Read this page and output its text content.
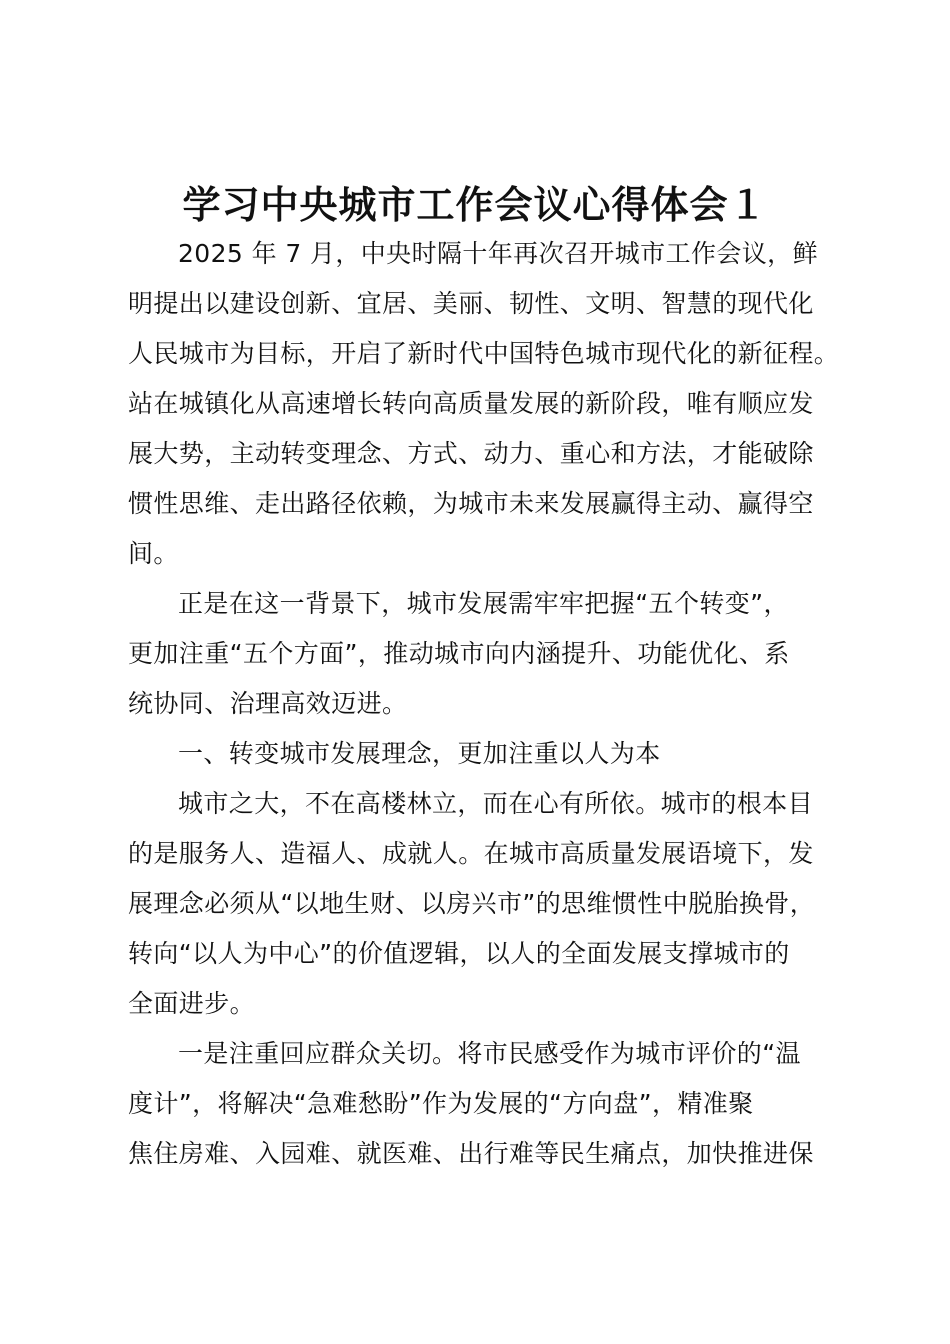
学习中央城市工作会议心得体会１
2025 年 7 月，中央时隔十年再次召开城市工作会议，鲜
明提出以建设创新、宜居、美丽、韧性、文明、智慧的现代化
人民城市为目标，开启了新时代中国特色城市现代化的新征程。
站在城镇化从高速增长转向高质量发展的新阶段，唯有顺应发
展大势，主动转变理念、方式、动力、重心和方法，才能破除
惯性思维、走出路径依赖，为城市未来发展赢得主动、赢得空
间。
正是在这一背景下，城市发展需牢牢把握“五个转变”，
更加注重“五个方面”，推动城市向内涵提升、功能优化、系
统协同、治理高效迈进。
一、转变城市发展理念，更加注重以人为本
城市之大，不在高楼林立，而在心有所依。城市的根本目
的是服务人、造福人、成就人。在城市高质量发展语境下，发
展理念必须从“以地生财、以房兴市”的思维惯性中脱胎换骨，
转向“以人为中心”的价值逻辑，以人的全面发展支撑城市的
全面进步。
一是注重回应群众关切。将市民感受作为城市评价的“温
度计”，将解决“急难愁盼”作为发展的“方向盘”，精准聚
焦住房难、入园难、就医难、出行难等民生痛点，加快推进保
